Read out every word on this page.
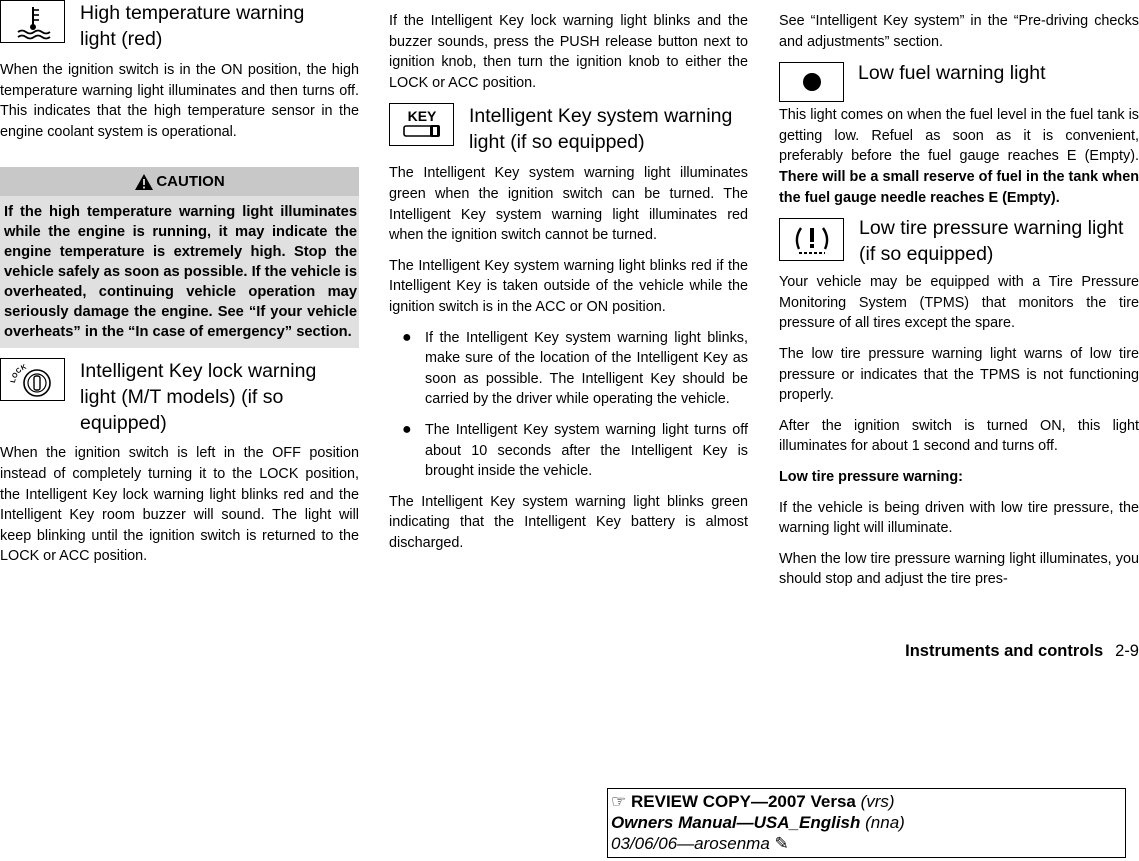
High temperature warning light (red)

When the ignition switch is in the ON position, the high temperature warning light illuminates and then turns off. This indicates that the high temperature sensor in the engine coolant system is operational.

CAUTION

If the high temperature warning light illuminates while the engine is running, it may indicate the engine temperature is extremely high. Stop the vehicle safely as soon as possible. If the vehicle is overheated, continuing vehicle operation may seriously damage the engine. See “If your vehicle overheats” in the “In case of emergency” section.

LOCK	Intelligent Key lock warning light (M/T models) (if so equipped)

When the ignition switch is left in the OFF position instead of completely turning it to the LOCK position, the Intelligent Key lock warning light blinks red and the Intelligent Key room buzzer will sound. The light will keep blinking until the ignition switch is returned to the LOCK or ACC position.

If the Intelligent Key lock warning light blinks and the buzzer sounds, press the PUSH release button next to ignition knob, then turn the ignition knob to either the LOCK or ACC position.

KEY Intelligent Key system warning light (if so equipped)

The Intelligent Key system warning light illuminates green when the ignition switch can be turned. The Intelligent Key system warning light illuminates red when the ignition switch cannot be turned.

The Intelligent Key system warning light blinks red if the Intelligent Key is taken outside of the vehicle while the ignition switch is in the ACC or ON position.

● If the Intelligent Key system warning light blinks, make sure of the location of the Intelligent Key as soon as possible. The Intelligent Key should be carried by the driver while operating the vehicle.
● The Intelligent Key system warning light turns off about 10 seconds after the Intelligent Key is brought inside the vehicle.

The Intelligent Key system warning light blinks green indicating that the Intelligent Key battery is almost discharged.

See “Intelligent Key system” in the “Pre-driving checks and adjustments” section.

Low fuel warning light

This light comes on when the fuel level in the fuel tank is getting low. Refuel as soon as it is convenient, preferably before the fuel gauge reaches E (Empty). There will be a small reserve of fuel in the tank when the fuel gauge needle reaches E (Empty).

Low tire pressure warning light (if so equipped)

Your vehicle may be equipped with a Tire Pressure Monitoring System (TPMS) that monitors the tire pressure of all tires except the spare.

The low tire pressure warning light warns of low tire pressure or indicates that the TPMS is not functioning properly.

After the ignition switch is turned ON, this light illuminates for about 1 second and turns off.

Low tire pressure warning:

If the vehicle is being driven with low tire pressure, the warning light will illuminate.

When the low tire pressure warning light illuminates, you should stop and adjust the tire pres-

Instruments and controls 2-9
☞ REVIEW COPY—2007 Versa (vrs)
Owners Manual—USA_English (nna)
03/06/06—arosenma ✎
